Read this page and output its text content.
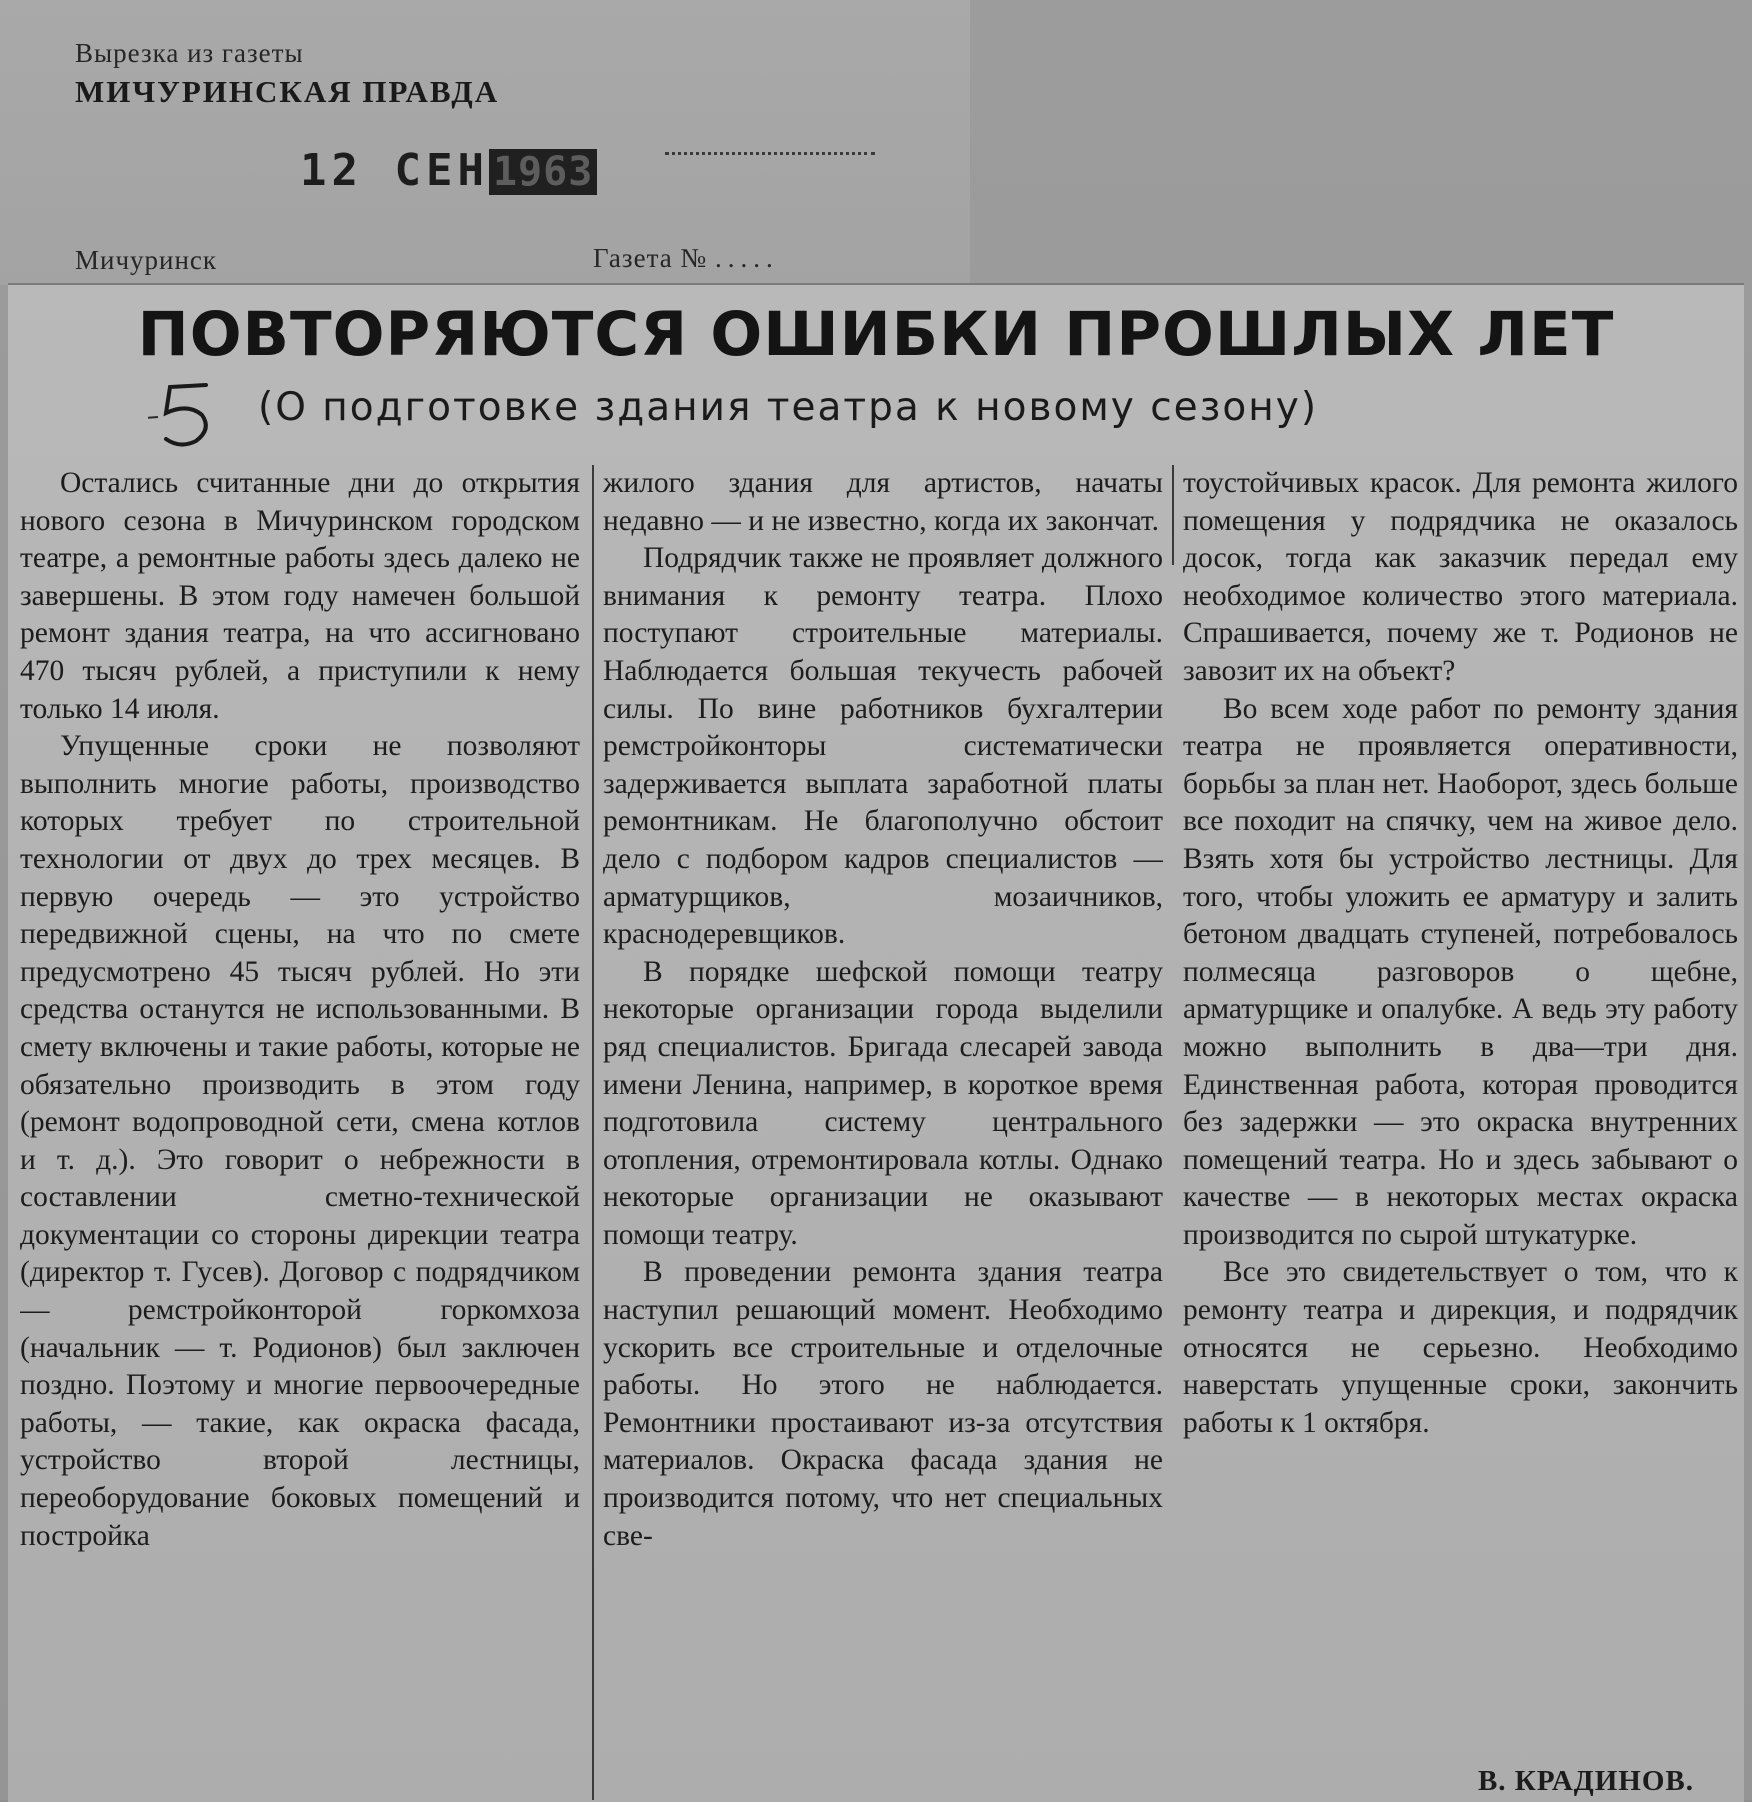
Вырезка из газеты
МИЧУРИНСКАЯ ПРАВДА
12 СЕН 1963
Мичуринск	Газета № .....
ПОВТОРЯЮТСЯ ОШИБКИ ПРОШЛЫХ ЛЕТ
(О подготовке здания театра к новому сезону)

Остались считанные дни до открытия нового сезона в Мичуринском городском театре, а ремонтные работы здесь далеко не завершены. В этом году намечен большой ремонт здания театра, на что ассигновано 470 тысяч рублей, а приступили к нему только 14 июля.

Упущенные сроки не позволяют выполнить многие работы, производство которых требует по строительной технологии от двух до трех месяцев. В первую очередь — это устройство передвижной сцены, на что по смете предусмотрено 45 тысяч рублей. Но эти средства останутся не использованными. В смету включены и такие работы, которые не обязательно производить в этом году (ремонт водопроводной сети, смена котлов и т. д.). Это говорит о небрежности в составлении сметно-технической документации со стороны дирекции театра (директор т. Гусев). Договор с подрядчиком — ремстройконторой горкомхоза (начальник — т. Родионов) был заключен поздно. Поэтому и многие первоочередные работы, — такие, как окраска фасада, устройство второй лестницы, переоборудование боковых помещений и постройка

жилого здания для артистов, начаты недавно — и не известно, когда их закончат.

Подрядчик также не проявляет должного внимания к ремонту театра. Плохо поступают строительные материалы. Наблюдается большая текучесть рабочей силы. По вине работников бухгалтерии ремстройконторы систематически задерживается выплата заработной платы ремонтникам. Не благополучно обстоит дело с подбором кадров специалистов — арматурщиков, мозаичников, краснодеревщиков.

В порядке шефской помощи театру некоторые организации города выделили ряд специалистов. Бригада слесарей завода имени Ленина, например, в короткое время подготовила систему центрального отопления, отремонтировала котлы. Однако некоторые организации не оказывают помощи театру.

В проведении ремонта здания театра наступил решающий момент. Необходимо ускорить все строительные и отделочные работы. Но этого не наблюдается. Ремонтники простаивают из-за отсутствия материалов. Окраска фасада здания не производится потому, что нет специальных све-

тоустойчивых красок. Для ремонта жилого помещения у подрядчика не оказалось досок, тогда как заказчик передал ему необходимое количество этого материала. Спрашивается, почему же т. Родионов не завозит их на объект?

Во всем ходе работ по ремонту здания театра не проявляется оперативности, борьбы за план нет. Наоборот, здесь больше все походит на спячку, чем на живое дело. Взять хотя бы устройство лестницы. Для того, чтобы уложить ее арматуру и залить бетоном двадцать ступеней, потребовалось полмесяца разговоров о щебне, арматурщике и опалубке. А ведь эту работу можно выполнить в два—три дня. Единственная работа, которая проводится без задержки — это окраска внутренних помещений театра. Но и здесь забывают о качестве — в некоторых местах окраска производится по сырой штукатурке.

Все это свидетельствует о том, что к ремонту театра и дирекция, и подрядчик относятся не серьезно. Необходимо наверстать упущенные сроки, закончить работы к 1 октября.

В. КРАДИНОВ.
